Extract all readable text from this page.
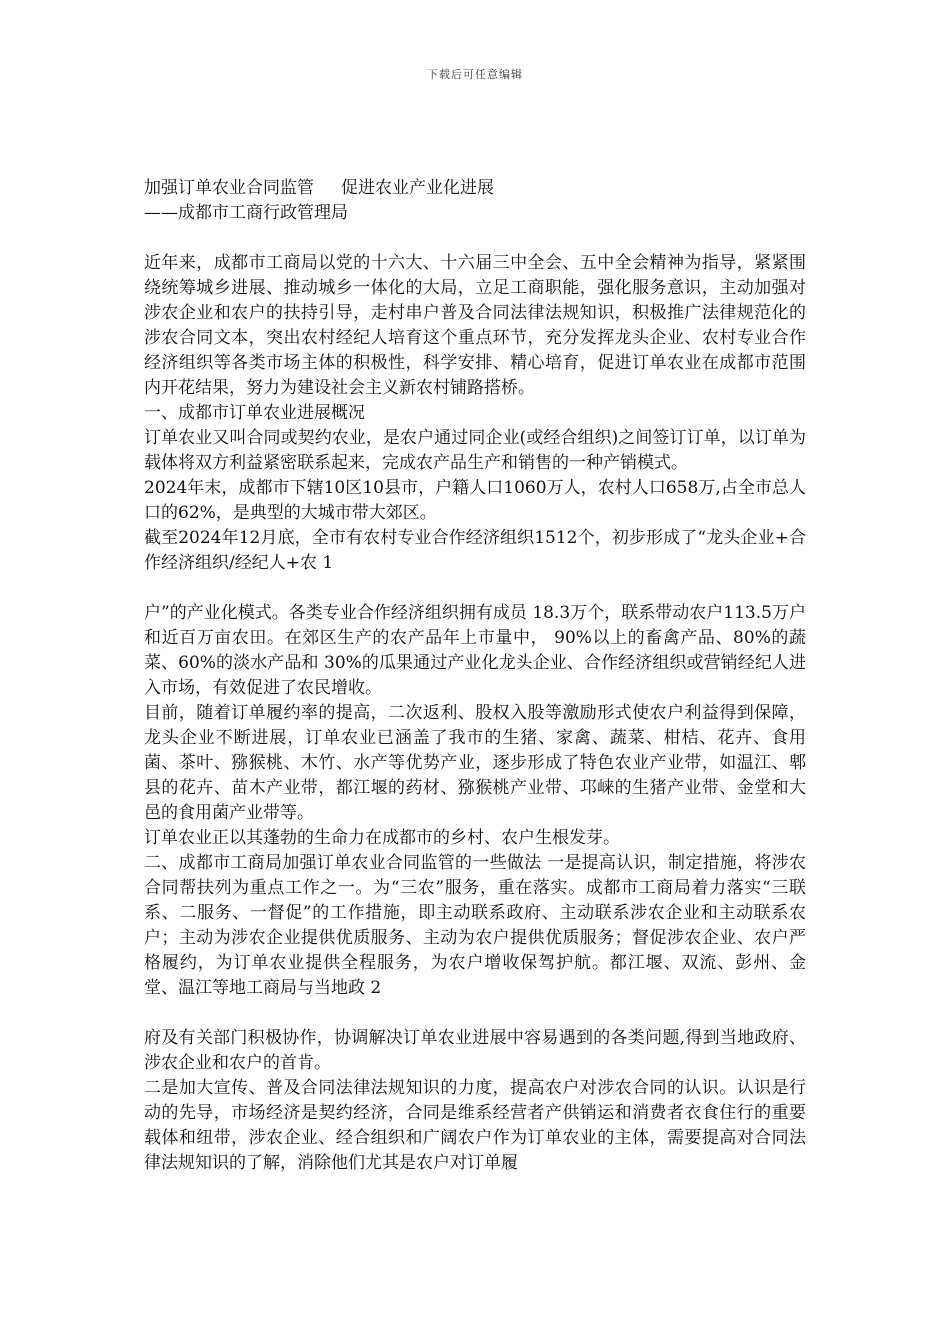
下载后可任意编辑
加强订单农业合同监管     促进农业产业化进展
——成都市工商行政管理局

近年来，成都市工商局以党的十六大、十六届三中全会、五中全会精神为指导，紧紧围绕统筹城乡进展、推动城乡一体化的大局，立足工商职能，强化服务意识，主动加强对涉农企业和农户的扶持引导，走村串户普及合同法律法规知识，积极推广法律规范化的涉农合同文本，突出农村经纪人培育这个重点环节，充分发挥龙头企业、农村专业合作经济组织等各类市场主体的积极性，科学安排、精心培育，促进订单农业在成都市范围内开花结果，努力为建设社会主义新农村铺路搭桥。

一、成都市订单农业进展概况

订单农业又叫合同或契约农业，是农户通过同企业(或经合组织)之间签订订单，以订单为载体将双方利益紧密联系起来，完成农产品生产和销售的一种产销模式。

2024年末，成都市下辖10区10县市，户籍人口1060万人，农村人口658万,占全市总人口的62%，是典型的大城市带大郊区。

截至2024年12月底，全市有农村专业合作经济组织1512个，初步形成了“龙头企业+合作经济组织/经纪人+农 1

户”的产业化模式。各类专业合作经济组织拥有成员 18.3万个，联系带动农户113.5万户和近百万亩农田。在郊区生产的农产品年上市量中， 90%以上的畜禽产品、80%的蔬菜、60%的淡水产品和 30%的瓜果通过产业化龙头企业、合作经济组织或营销经纪人进入市场，有效促进了农民增收。

目前，随着订单履约率的提高，二次返利、股权入股等激励形式使农户利益得到保障，龙头企业不断进展，订单农业已涵盖了我市的生猪、家禽、蔬菜、柑桔、花卉、食用菌、茶叶、猕猴桃、木竹、水产等优势产业，逐步形成了特色农业产业带，如温江、郫县的花卉、苗木产业带，都江堰的药材、猕猴桃产业带、邛崃的生猪产业带、金堂和大邑的食用菌产业带等。

订单农业正以其蓬勃的生命力在成都市的乡村、农户生根发芽。

二、成都市工商局加强订单农业合同监管的一些做法 一是提高认识，制定措施，将涉农合同帮扶列为重点工作之一。为“三农”服务，重在落实。成都市工商局着力落实“三联系、二服务、一督促”的工作措施，即主动联系政府、主动联系涉农企业和主动联系农户；主动为涉农企业提供优质服务、主动为农户提供优质服务；督促涉农企业、农户严格履约，为订单农业提供全程服务，为农户增收保驾护航。都江堰、双流、彭州、金堂、温江等地工商局与当地政 2

府及有关部门积极协作，协调解决订单农业进展中容易遇到的各类问题,得到当地政府、涉农企业和农户的首肯。

二是加大宣传、普及合同法律法规知识的力度，提高农户对涉农合同的认识。认识是行动的先导，市场经济是契约经济，合同是维系经营者产供销运和消费者衣食住行的重要载体和纽带，涉农企业、经合组织和广阔农户作为订单农业的主体，需要提高对合同法律法规知识的了解，消除他们尤其是农户对订单履
